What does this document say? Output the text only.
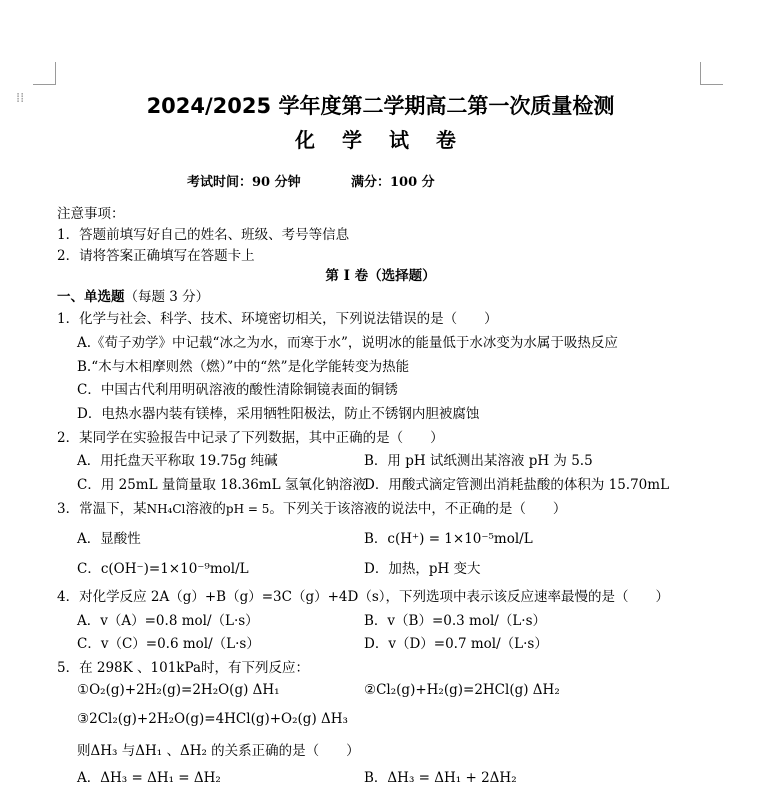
⁞⁞	2024/2025 学年度第二学期高二第一次质量检测
化 学 试 卷
考试时间：90 分钟	满分：100 分
注意事项：
1．答题前填写好自己的姓名、班级、考号等信息
2．请将答案正确填写在答题卡上
第 I 卷（选择题）
一、单选题（每题 3 分）
1．化学与社会、科学、技术、环境密切相关，下列说法错误的是（　　）
A.《荀子劝学》中记载“冰之为水，而寒于水”，说明冰的能量低于水冰变为水属于吸热反应
B.“木与木相摩则然（燃）”中的“然”是化学能转变为热能
C．中国古代利用明矾溶液的酸性清除铜镜表面的铜锈
D．电热水器内装有镁棒，采用牺牲阳极法，防止不锈钢内胆被腐蚀
2．某同学在实验报告中记录了下列数据，其中正确的是（　　）
A．用托盘天平称取 19.75g 纯碱	B．用 pH 试纸测出某溶液 pH 为 5.5
C．用 25mL 量筒量取 18.36mL 氢氧化钠溶液
D．用酸式滴定管测出消耗盐酸的体积为 15.70mL
3．常温下，某NH₄Cl溶液的pH = 5。下列关于该溶液的说法中，不正确的是（　　）
A．显酸性	B．c(H⁺) = 1×10⁻⁵mol/L
C．c(OH⁻)=1×10⁻⁹mol/L	D．加热，pH 变大
4．对化学反应 2A（g）+B（g）=3C（g）+4D（s），下列选项中表示该反应速率最慢的是（　　）
A．v（A）=0.8 mol/（L·s）	B．v（B）=0.3 mol/（L·s）
C．v（C）=0.6 mol/（L·s）	D．v（D）=0.7 mol/（L·s）
5．在 298K 、101kPa时，有下列反应：
①O₂(g)+2H₂(g)=2H₂O(g) ΔH₁	②Cl₂(g)+H₂(g)=2HCl(g) ΔH₂
③2Cl₂(g)+2H₂O(g)=4HCl(g)+O₂(g) ΔH₃
则ΔH₃ 与ΔH₁ 、ΔH₂ 的关系正确的是（　　）
A．ΔH₃ = ΔH₁ = ΔH₂	B．ΔH₃ = ΔH₁ + 2ΔH₂
